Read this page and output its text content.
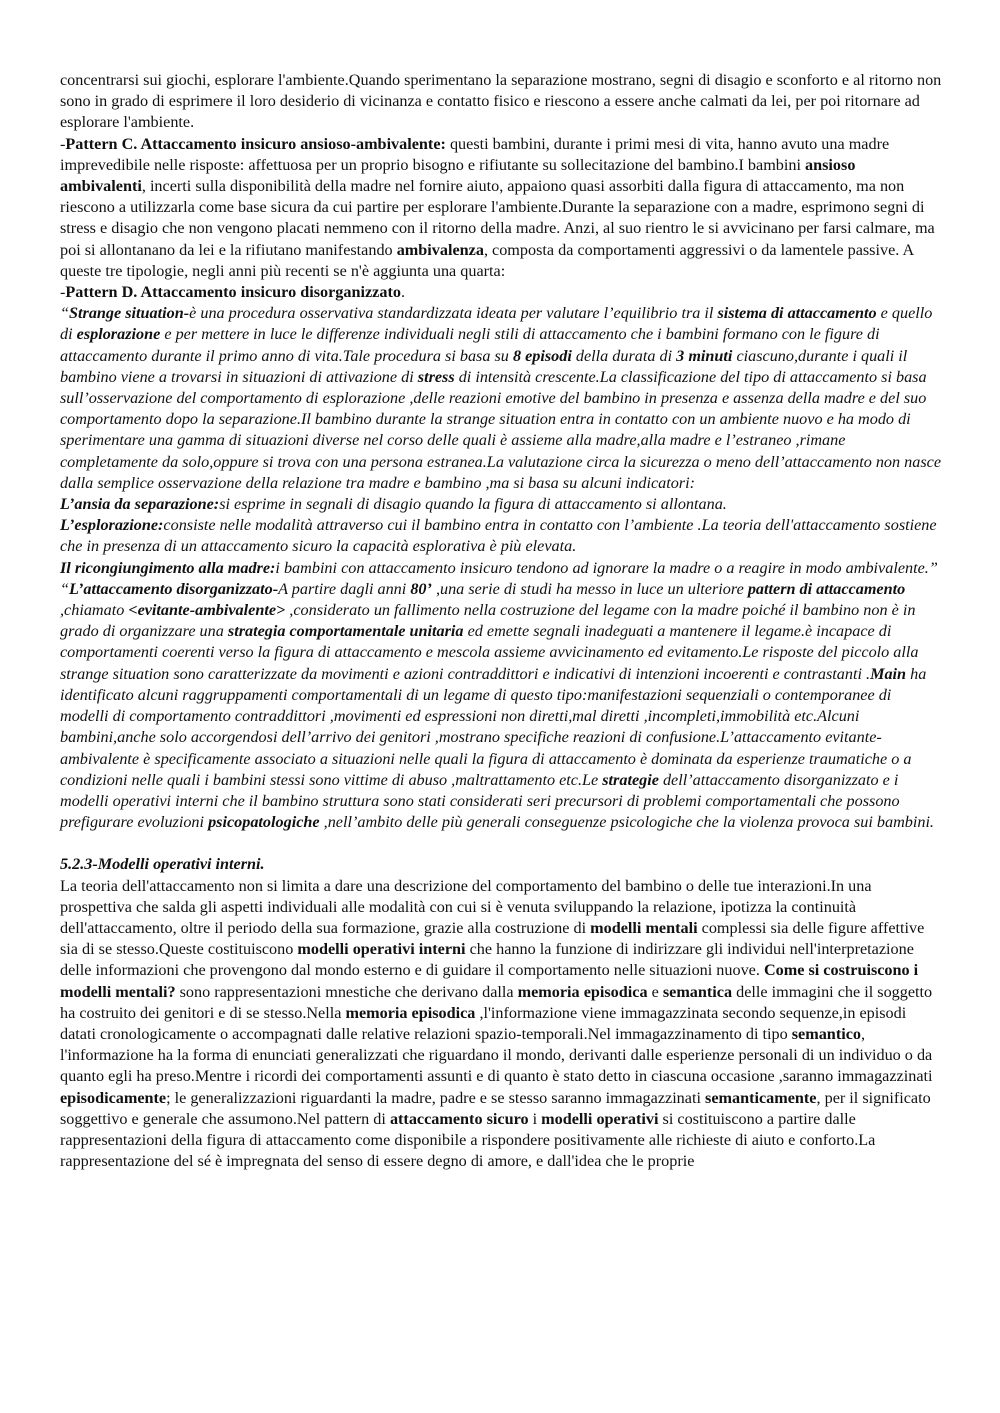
concentrarsi sui giochi, esplorare l'ambiente.Quando sperimentano la separazione mostrano, segni di disagio e sconforto e al ritorno non sono in grado di esprimere il loro desiderio di vicinanza e contatto fisico e riescono a essere anche calmati da lei, per poi ritornare ad esplorare l'ambiente.

-Pattern C. Attaccamento insicuro ansioso-ambivalente: questi bambini, durante i primi mesi di vita, hanno avuto una madre imprevedibile nelle risposte: affettuosa per un proprio bisogno e rifiutante su sollecitazione del bambino.I bambini ansioso ambivalenti, incerti sulla disponibilità della madre nel fornire aiuto, appaiono quasi assorbiti dalla figura di attaccamento, ma non riescono a utilizzarla come base sicura da cui partire per esplorare l'ambiente.Durante la separazione con a madre, esprimono segni di stress e disagio che non vengono placati nemmeno con il ritorno della madre. Anzi, al suo rientro le si avvicinano per farsi calmare, ma poi si allontanano da lei e la rifiutano manifestando ambivalenza, composta da comportamenti aggressivi o da lamentele passive. A queste tre tipologie, negli anni più recenti se n'è aggiunta una quarta:

-Pattern D. Attaccamento insicuro disorganizzato.

“Strange situation-è una procedura osservativa standardizzata ideata per valutare l’equilibrio tra il sistema di attaccamento e quello di esplorazione e per mettere in luce le differenze individuali negli stili di attaccamento che i bambini formano con le figure di attaccamento durante il primo anno di vita.Tale procedura si basa su 8 episodi della durata di 3 minuti ciascuno,durante i quali il bambino viene a trovarsi in situazioni di attivazione di stress di intensità crescente.La classificazione del tipo di attaccamento si basa sull’osservazione del comportamento di esplorazione ,delle reazioni emotive del bambino in presenza e assenza della madre e del suo comportamento dopo la separazione.Il bambino durante la strange situation entra in contatto con un ambiente nuovo e ha modo di sperimentare una gamma di situazioni diverse nel corso delle quali è assieme alla madre,alla madre e l’estraneo ,rimane completamente da solo,oppure si trova con una persona estranea.La valutazione circa la sicurezza o meno dell’attaccamento non nasce dalla semplice osservazione della relazione tra madre e bambino ,ma si basa su alcuni indicatori:

L’ansia da separazione:si esprime in segnali di disagio quando la figura di attaccamento si allontana.

L’esplorazione:consiste nelle modalità attraverso cui il bambino entra in contatto con l’ambiente .La teoria dell'attaccamento sostiene che in presenza di un attaccamento sicuro la capacità esplorativa è più elevata.

Il ricongiungimento alla madre:i bambini con attaccamento insicuro tendono ad ignorare la madre o a reagire in modo ambivalente.”

“L’attaccamento disorganizzato-A partire dagli anni 80’ ,una serie di studi ha messo in luce un ulteriore pattern di attaccamento ,chiamato <evitante-ambivalente> ,considerato un fallimento nella costruzione del legame con la madre poiché il bambino non è in grado di organizzare una strategia comportamentale unitaria ed emette segnali inadeguati a mantenere il legame.è incapace di comportamenti coerenti verso la figura di attaccamento e mescola assieme avvicinamento ed evitamento.Le risposte del piccolo alla strange situation sono caratterizzate da movimenti e azioni contraddittori e indicativi di intenzioni incoerenti e contrastanti .Main ha identificato alcuni raggruppamenti comportamentali di un legame di questo tipo:manifestazioni sequenziali o contemporanee di modelli di comportamento contraddittori ,movimenti ed espressioni non diretti,mal diretti ,incompleti,immobilità etc.Alcuni bambini,anche solo accorgendosi dell’arrivo dei genitori ,mostrano specifiche reazioni di confusione.L’attaccamento evitante-ambivalente è specificamente associato a situazioni nelle quali la figura di attaccamento è dominata da esperienze traumatiche o a condizioni nelle quali i bambini stessi sono vittime di abuso ,maltrattamento etc.Le strategie dell’attaccamento disorganizzato e i modelli operativi interni che il bambino struttura sono stati considerati seri precursori di problemi comportamentali che possono prefigurare evoluzioni psicopatologiche ,nell’ambito delle più generali conseguenze psicologiche che la violenza provoca sui bambini.

5.2.3-Modelli operativi interni.

La teoria dell'attaccamento non si limita a dare una descrizione del comportamento del bambino o delle tue interazioni.In una prospettiva che salda gli aspetti individuali alle modalità con cui si è venuta sviluppando la relazione, ipotizza la continuità dell'attaccamento, oltre il periodo della sua formazione, grazie alla costruzione di modelli mentali complessi sia delle figure affettive sia di se stesso.Queste costituiscono modelli operativi interni che hanno la funzione di indirizzare gli individui nell'interpretazione delle informazioni che provengono dal mondo esterno e di guidare il comportamento nelle situazioni nuove. Come si costruiscono i modelli mentali? sono rappresentazioni mnestiche che derivano dalla memoria episodica e semantica delle immagini che il soggetto ha costruito dei genitori e di se stesso.Nella memoria episodica ,l'informazione viene immagazzinata secondo sequenze,in episodi datati cronologicamente o accompagnati dalle relative relazioni spazio-temporali.Nel immagazzinamento di tipo semantico, l'informazione ha la forma di enunciati generalizzati che riguardano il mondo, derivanti dalle esperienze personali di un individuo o da quanto egli ha preso.Mentre i ricordi dei comportamenti assunti e di quanto è stato detto in ciascuna occasione ,saranno immagazzinati episodicamente; le generalizzazioni riguardanti la madre, padre e se stesso saranno immagazzinati semanticamente, per il significato soggettivo e generale che assumono.Nel pattern di attaccamento sicuro i modelli operativi si costituiscono a partire dalle rappresentazioni della figura di attaccamento come disponibile a rispondere positivamente alle richieste di aiuto e conforto.La rappresentazione del sé è impregnata del senso di essere degno di amore, e dall'idea che le proprie
